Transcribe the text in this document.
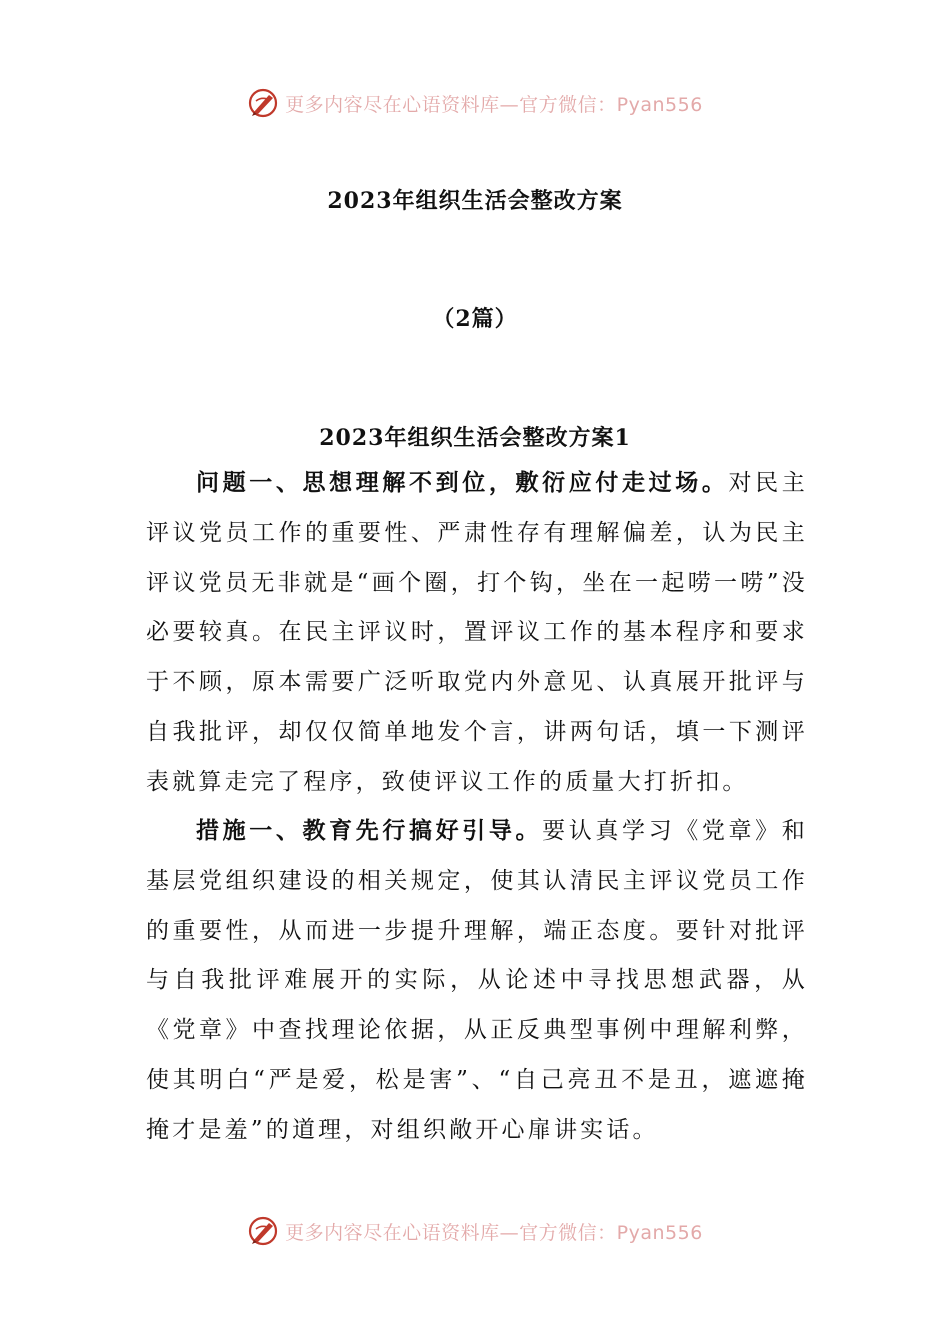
更多内容尽在心语资料库—官方微信：Pyan556
2023年组织生活会整改方案
（2篇）
2023年组织生活会整改方案1

问题一、思想理解不到位，敷衍应付走过场。对民主评议党员工作的重要性、严肃性存有理解偏差，认为民主评议党员无非就是“画个圈，打个钩，坐在一起唠一唠”没必要较真。在民主评议时，置评议工作的基本程序和要求于不顾，原本需要广泛听取党内外意见、认真展开批评与自我批评，却仅仅简单地发个言，讲两句话，填一下测评表就算走完了程序，致使评议工作的质量大打折扣。

措施一、教育先行搞好引导。要认真学习《党章》和基层党组织建设的相关规定，使其认清民主评议党员工作的重要性，从而进一步提升理解，端正态度。要针对批评与自我批评难展开的实际，从论述中寻找思想武器，从《党章》中查找理论依据，从正反典型事例中理解利弊，使其明白“严是爱，松是害”、“自己亮丑不是丑，遮遮掩掩才是羞”的道理，对组织敞开心扉讲实话。

更多内容尽在心语资料库—官方微信：Pyan556
